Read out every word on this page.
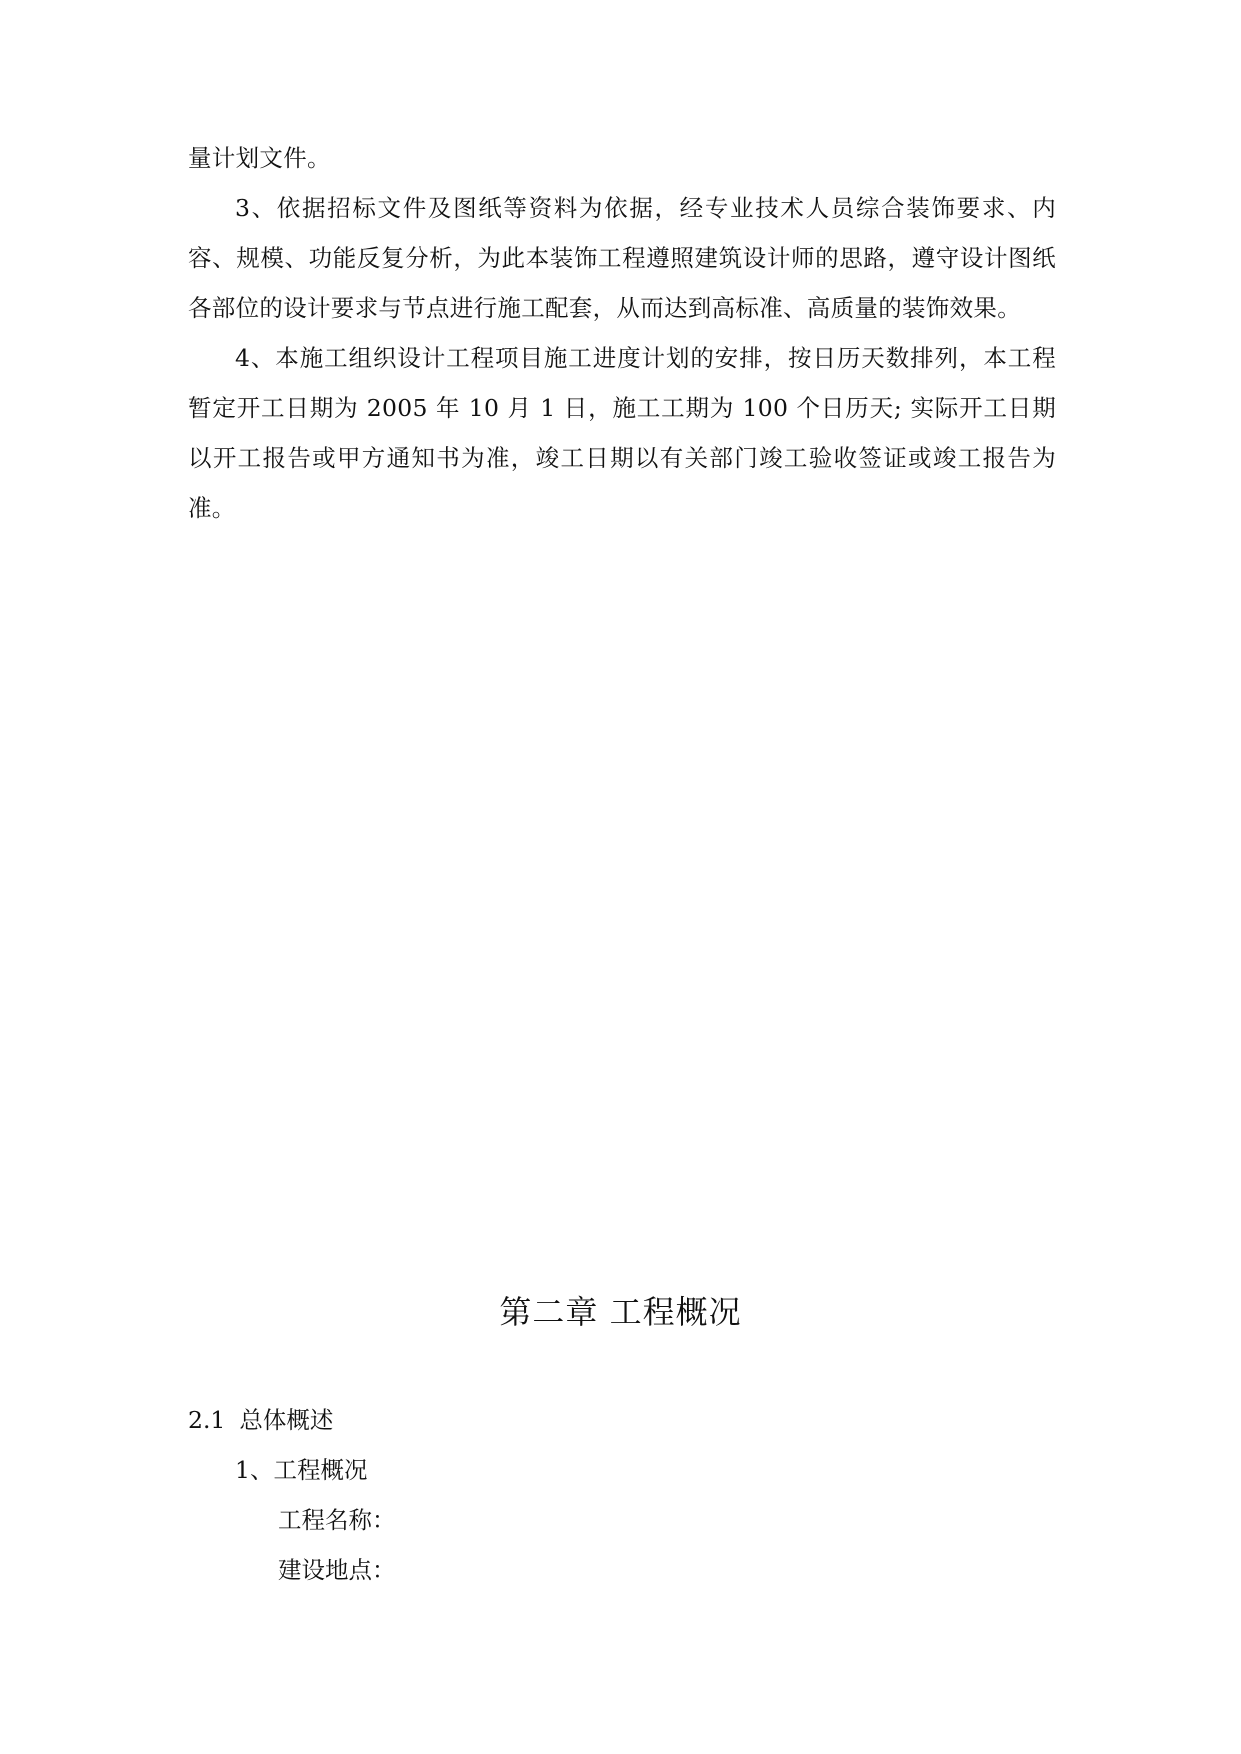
量计划文件。

3、依据招标文件及图纸等资料为依据，经专业技术人员综合装饰要求、内容、规模、功能反复分析，为此本装饰工程遵照建筑设计师的思路，遵守设计图纸各部位的设计要求与节点进行施工配套，从而达到高标准、高质量的装饰效果。

4、本施工组织设计工程项目施工进度计划的安排，按日历天数排列，本工程暂定开工日期为 2005 年 10 月 1 日，施工工期为 100 个日历天; 实际开工日期以开工报告或甲方通知书为准，竣工日期以有关部门竣工验收签证或竣工报告为准。

第二章 工程概况

2.1 总体概述

1、工程概况

工程名称：

建设地点：
